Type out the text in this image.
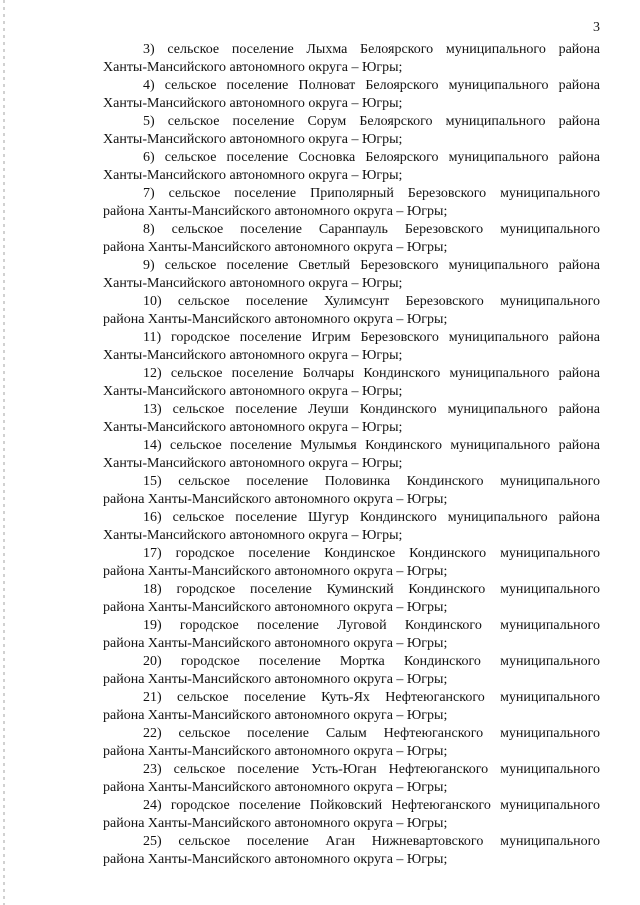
3
3) сельское поселение Лыхма Белоярского муниципального района
Ханты-Мансийского автономного округа – Югры;
4) сельское поселение Полноват Белоярского муниципального района
Ханты-Мансийского автономного округа – Югры;
5) сельское поселение Сорум Белоярского муниципального района
Ханты-Мансийского автономного округа – Югры;
6) сельское поселение Сосновка Белоярского муниципального района
Ханты-Мансийского автономного округа – Югры;
7) сельское поселение Приполярный Березовского муниципального
района Ханты-Мансийского автономного округа – Югры;
8) сельское поселение Саранпауль Березовского муниципального
района Ханты-Мансийского автономного округа – Югры;
9) сельское поселение Светлый Березовского муниципального района
Ханты-Мансийского автономного округа – Югры;
10) сельское поселение Хулимсунт Березовского муниципального
района Ханты-Мансийского автономного округа – Югры;
11) городское поселение Игрим Березовского муниципального района
Ханты-Мансийского автономного округа – Югры;
12) сельское поселение Болчары Кондинского муниципального района
Ханты-Мансийского автономного округа – Югры;
13) сельское поселение Леуши Кондинского муниципального района
Ханты-Мансийского автономного округа – Югры;
14) сельское поселение Мулымья Кондинского муниципального района
Ханты-Мансийского автономного округа – Югры;
15) сельское поселение Половинка Кондинского муниципального
района Ханты-Мансийского автономного округа – Югры;
16) сельское поселение Шугур Кондинского муниципального района
Ханты-Мансийского автономного округа – Югры;
17) городское поселение Кондинское Кондинского муниципального
района Ханты-Мансийского автономного округа – Югры;
18) городское поселение Куминский Кондинского муниципального
района Ханты-Мансийского автономного округа – Югры;
19) городское поселение Луговой Кондинского муниципального
района Ханты-Мансийского автономного округа – Югры;
20) городское поселение Мортка Кондинского муниципального
района Ханты-Мансийского автономного округа – Югры;
21) сельское поселение Куть-Ях Нефтеюганского муниципального
района Ханты-Мансийского автономного округа – Югры;
22) сельское поселение Салым Нефтеюганского муниципального
района Ханты-Мансийского автономного округа – Югры;
23) сельское поселение Усть-Юган Нефтеюганского муниципального
района Ханты-Мансийского автономного округа – Югры;
24) городское поселение Пойковский Нефтеюганского муниципального
района Ханты-Мансийского автономного округа – Югры;
25) сельское поселение Аган Нижневартовского муниципального
района Ханты-Мансийского автономного округа – Югры;
